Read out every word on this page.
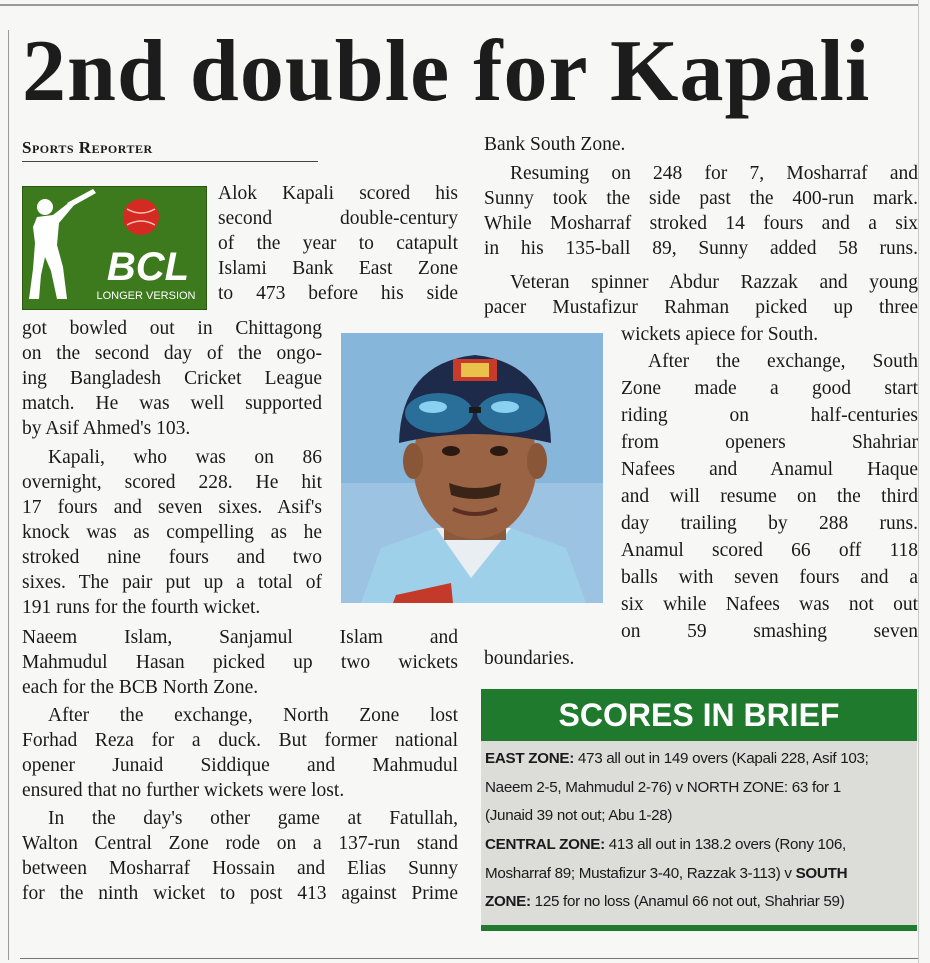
2nd double for Kapali
Sports Reporter
BCL
LONGER VERSION

Alok Kapali scored his

second double-century

of the year to catapult

Islami Bank East Zone

to 473 before his side

got bowled out in Chittagong

on the second day of the ongo-

ing Bangladesh Cricket League

match. He was well supported

by Asif Ahmed's 103.

Kapali, who was on 86

overnight, scored 228. He hit

17 fours and seven sixes. Asif's

knock was as compelling as he

stroked nine fours and two

sixes. The pair put up a total of

191 runs for the fourth wicket.

Naeem Islam, Sanjamul Islam and

Mahmudul Hasan picked up two wickets

each for the BCB North Zone.

After the exchange, North Zone lost

Forhad Reza for a duck. But former national

opener Junaid Siddique and Mahmudul

ensured that no further wickets were lost.

In the day's other game at Fatullah,

Walton Central Zone rode on a 137-run stand

between Mosharraf Hossain and Elias Sunny

for the ninth wicket to post 413 against Prime

Bank South Zone.

Resuming on 248 for 7, Mosharraf and

Sunny took the side past the 400-run mark.

While Mosharraf stroked 14 fours and a six

in his 135-ball 89, Sunny added 58 runs.

Veteran spinner Abdur Razzak and young

pacer Mustafizur Rahman picked up three

wickets apiece for South.

After the exchange, South

Zone made a good start

riding on half-centuries

from openers Shahriar

Nafees and Anamul Haque

and will resume on the third

day trailing by 288 runs.

Anamul scored 66 off 118

balls with seven fours and a

six while Nafees was not out

on 59 smashing seven

boundaries.

SCORES IN BRIEF

EAST ZONE: 473 all out in 149 overs (Kapali 228, Asif 103;

Naeem 2-5, Mahmudul 2-76) v NORTH ZONE: 63 for 1

(Junaid 39 not out; Abu 1-28)

CENTRAL ZONE: 413 all out in 138.2 overs (Rony 106,

Mosharraf 89; Mustafizur 3-40, Razzak 3-113) v SOUTH

ZONE: 125 for no loss (Anamul 66 not out, Shahriar 59)
